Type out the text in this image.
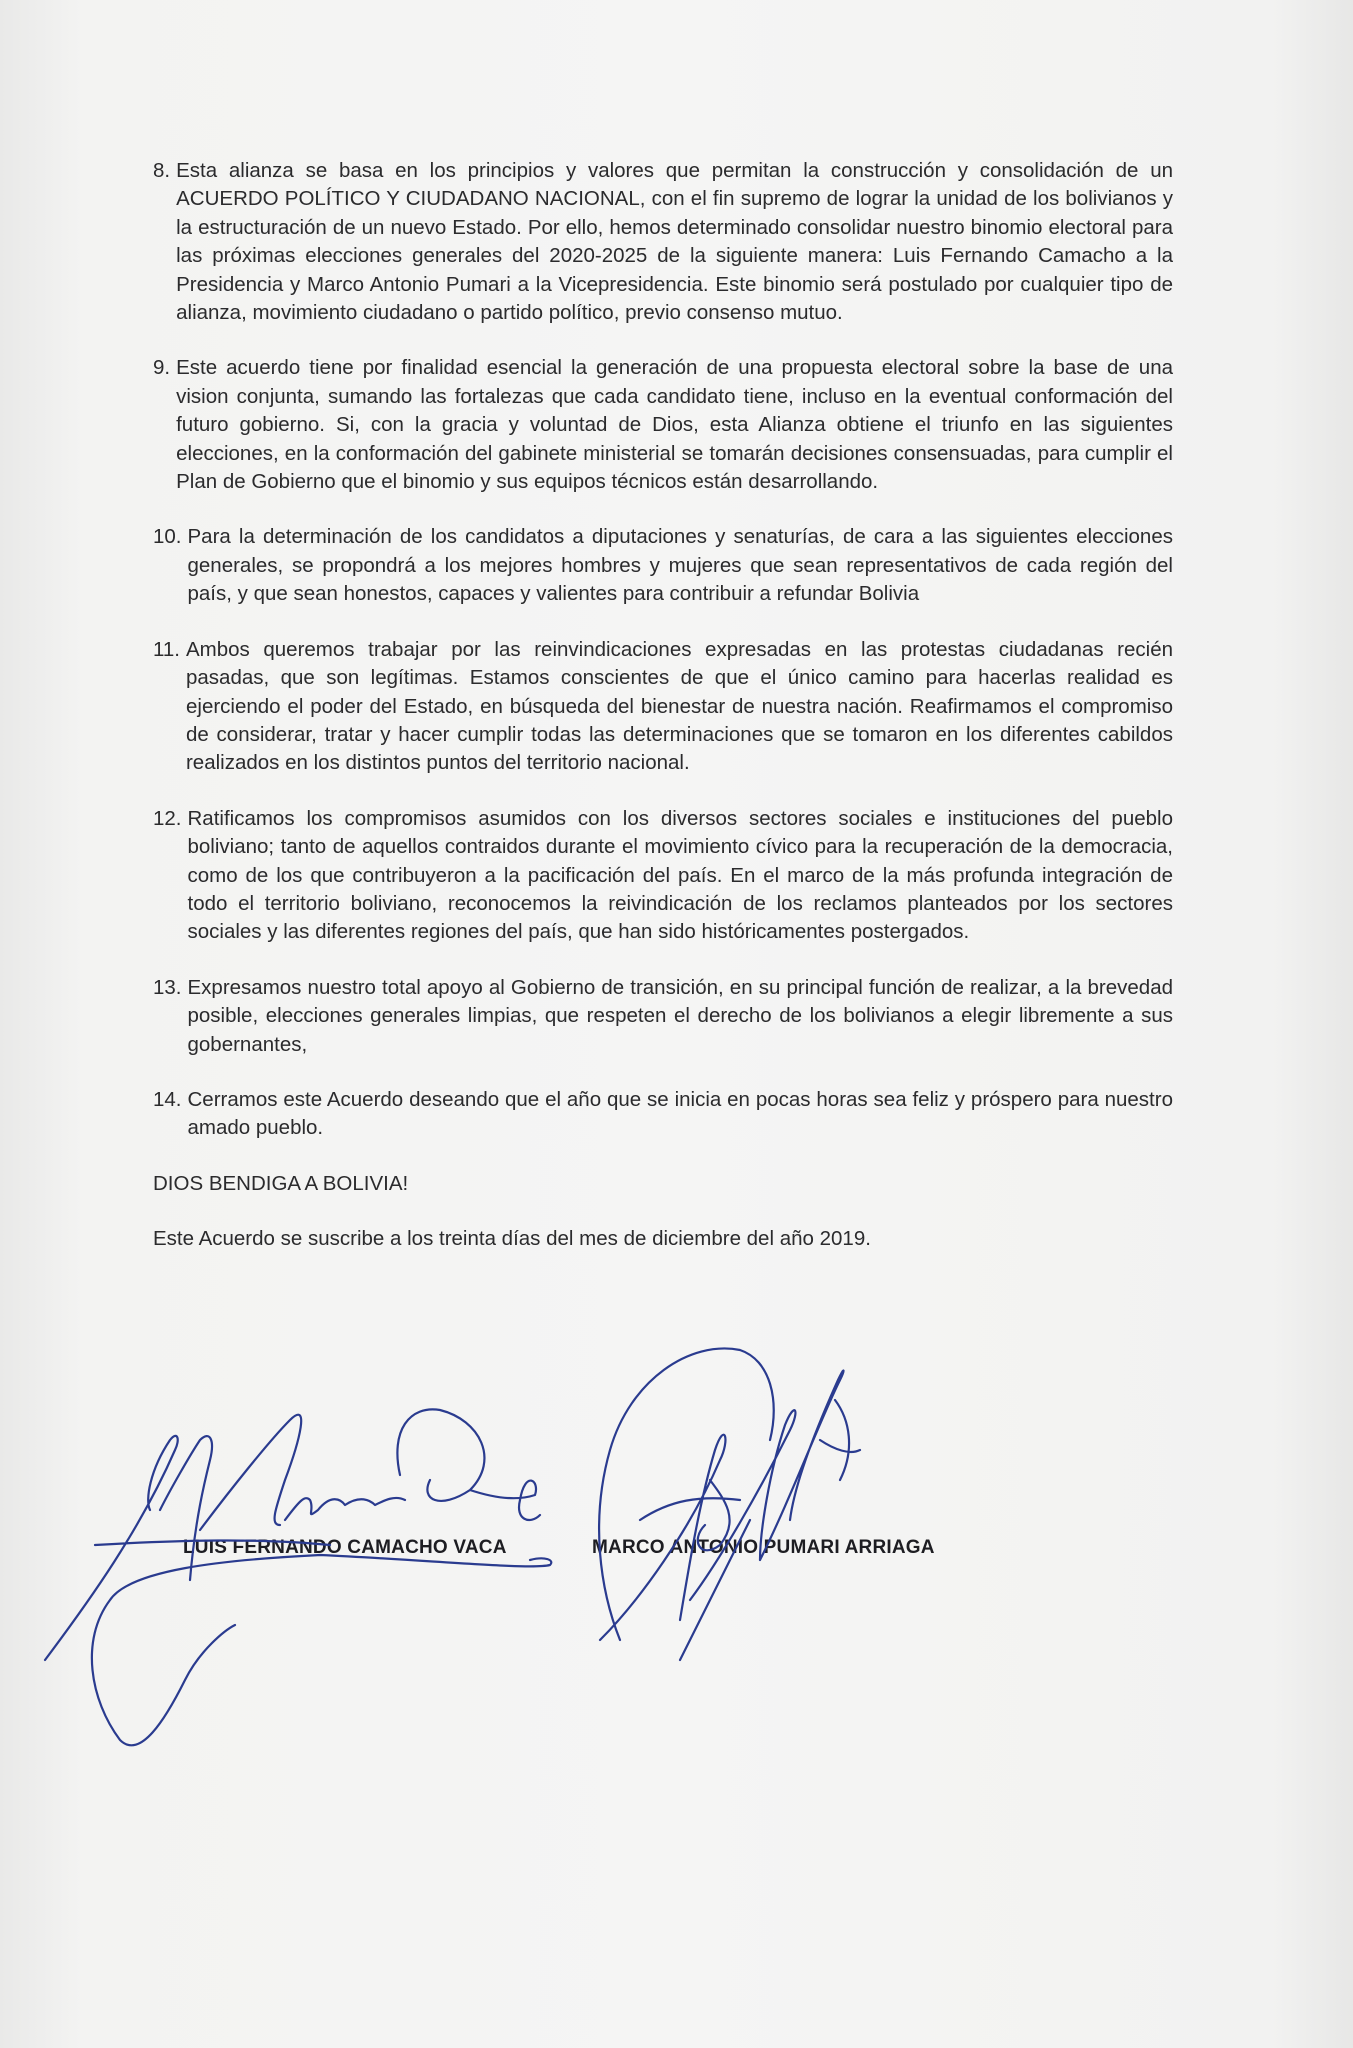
8. Esta alianza se basa en los principios y valores que permitan la construcción y consolidación de un ACUERDO POLÍTICO Y CIUDADANO NACIONAL, con el fin supremo de lograr la unidad de los bolivianos y la estructuración de un nuevo Estado. Por ello, hemos determinado consolidar nuestro binomio electoral para las próximas elecciones generales del 2020-2025 de la siguiente manera: Luis Fernando Camacho a la Presidencia y Marco Antonio Pumari a la Vicepresidencia. Este binomio será postulado por cualquier tipo de alianza, movimiento ciudadano o partido político, previo consenso mutuo.
9. Este acuerdo tiene por finalidad esencial la generación de una propuesta electoral sobre la base de una vision conjunta, sumando las fortalezas que cada candidato tiene, incluso en la eventual conformación del futuro gobierno. Si, con la gracia y voluntad de Dios, esta Alianza obtiene el triunfo en las siguientes elecciones, en la conformación del gabinete ministerial se tomarán decisiones consensuadas, para cumplir el Plan de Gobierno que el binomio y sus equipos técnicos están desarrollando.
10. Para la determinación de los candidatos a diputaciones y senaturías, de cara a las siguientes elecciones generales, se propondrá a los mejores hombres y mujeres que sean representativos de cada región del país, y que sean honestos, capaces y valientes para contribuir a refundar Bolivia
11. Ambos queremos trabajar por las reinvindicaciones expresadas en las protestas ciudadanas recién pasadas, que son legítimas. Estamos conscientes de que el único camino para hacerlas realidad es ejerciendo el poder del Estado, en búsqueda del bienestar de nuestra nación. Reafirmamos el compromiso de considerar, tratar y hacer cumplir todas las determinaciones que se tomaron en los diferentes cabildos realizados en los distintos puntos del territorio nacional.
12. Ratificamos los compromisos asumidos con los diversos sectores sociales e instituciones del pueblo boliviano; tanto de aquellos contraidos durante el movimiento cívico para la recuperación de la democracia, como de los que contribuyeron a la pacificación del país. En el marco de la más profunda integración de todo el territorio boliviano, reconocemos la reivindicación de los reclamos planteados por los sectores sociales y las diferentes regiones del país, que han sido históricamentes postergados.
13. Expresamos nuestro total apoyo al Gobierno de transición, en su principal función de realizar, a la brevedad posible, elecciones generales limpias, que respeten el derecho de los bolivianos a elegir libremente a sus gobernantes,
14. Cerramos este Acuerdo deseando que el año que se inicia en pocas horas sea feliz y próspero para nuestro amado pueblo.

DIOS BENDIGA A BOLIVIA!

Este Acuerdo se suscribe a los treinta días del mes de diciembre del año 2019.

LUIS FERNANDO CAMACHO VACA	MARCO ANTONIO PUMARI ARRIAGA
